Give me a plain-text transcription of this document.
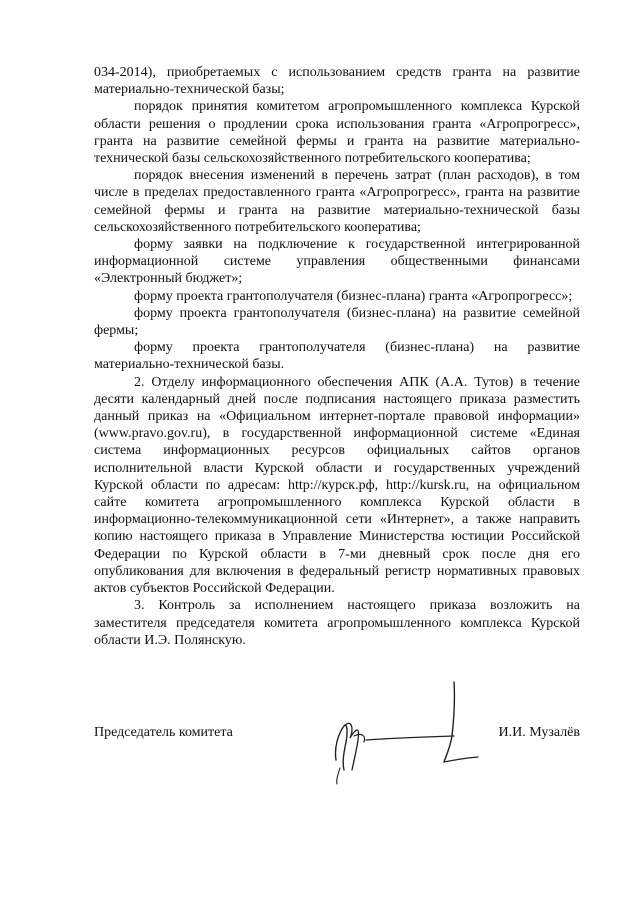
034-2014), приобретаемых с использованием средств гранта на развитие материально-технической базы;

порядок принятия комитетом агропромышленного комплекса Курской области решения о продлении срока использования гранта «Агропрогресс», гранта на развитие семейной фермы и гранта на развитие материально-технической базы сельскохозяйственного потребительского кооператива;

порядок внесения изменений в перечень затрат (план расходов), в том числе в пределах предоставленного гранта «Агропрогресс», гранта на развитие семейной фермы и гранта на развитие материально-технической базы сельскохозяйственного потребительского кооператива;

форму заявки на подключение к государственной интегрированной информационной системе управления общественными финансами «Электронный бюджет»;

форму проекта грантополучателя (бизнес-плана) гранта «Агропрогресс»;

форму проекта грантополучателя (бизнес-плана) на развитие семейной фермы;

форму проекта грантополучателя (бизнес-плана) на развитие материально-технической базы.

2. Отделу информационного обеспечения АПК (А.А. Тутов) в течение десяти календарный дней после подписания настоящего приказа разместить данный приказ на «Официальном интернет-портале правовой информации» (www.pravo.gov.ru), в государственной информационной системе «Единая система информационных ресурсов официальных сайтов органов исполнительной власти Курской области и государственных учреждений Курской области по адресам: http://курск.рф, http://kursk.ru, на официальном сайте комитета агропромышленного комплекса Курской области в информационно-телекоммуникационной сети «Интернет», а также направить копию настоящего приказа в Управление Министерства юстиции Российской Федерации по Курской области в 7-ми дневный срок после дня его опубликования для включения в федеральный регистр нормативных правовых актов субъектов Российской Федерации.

3. Контроль за исполнением настоящего приказа возложить на заместителя председателя комитета агропромышленного комплекса Курской области И.Э. Полянскую.

Председатель комитета	И.И. Музалёв
